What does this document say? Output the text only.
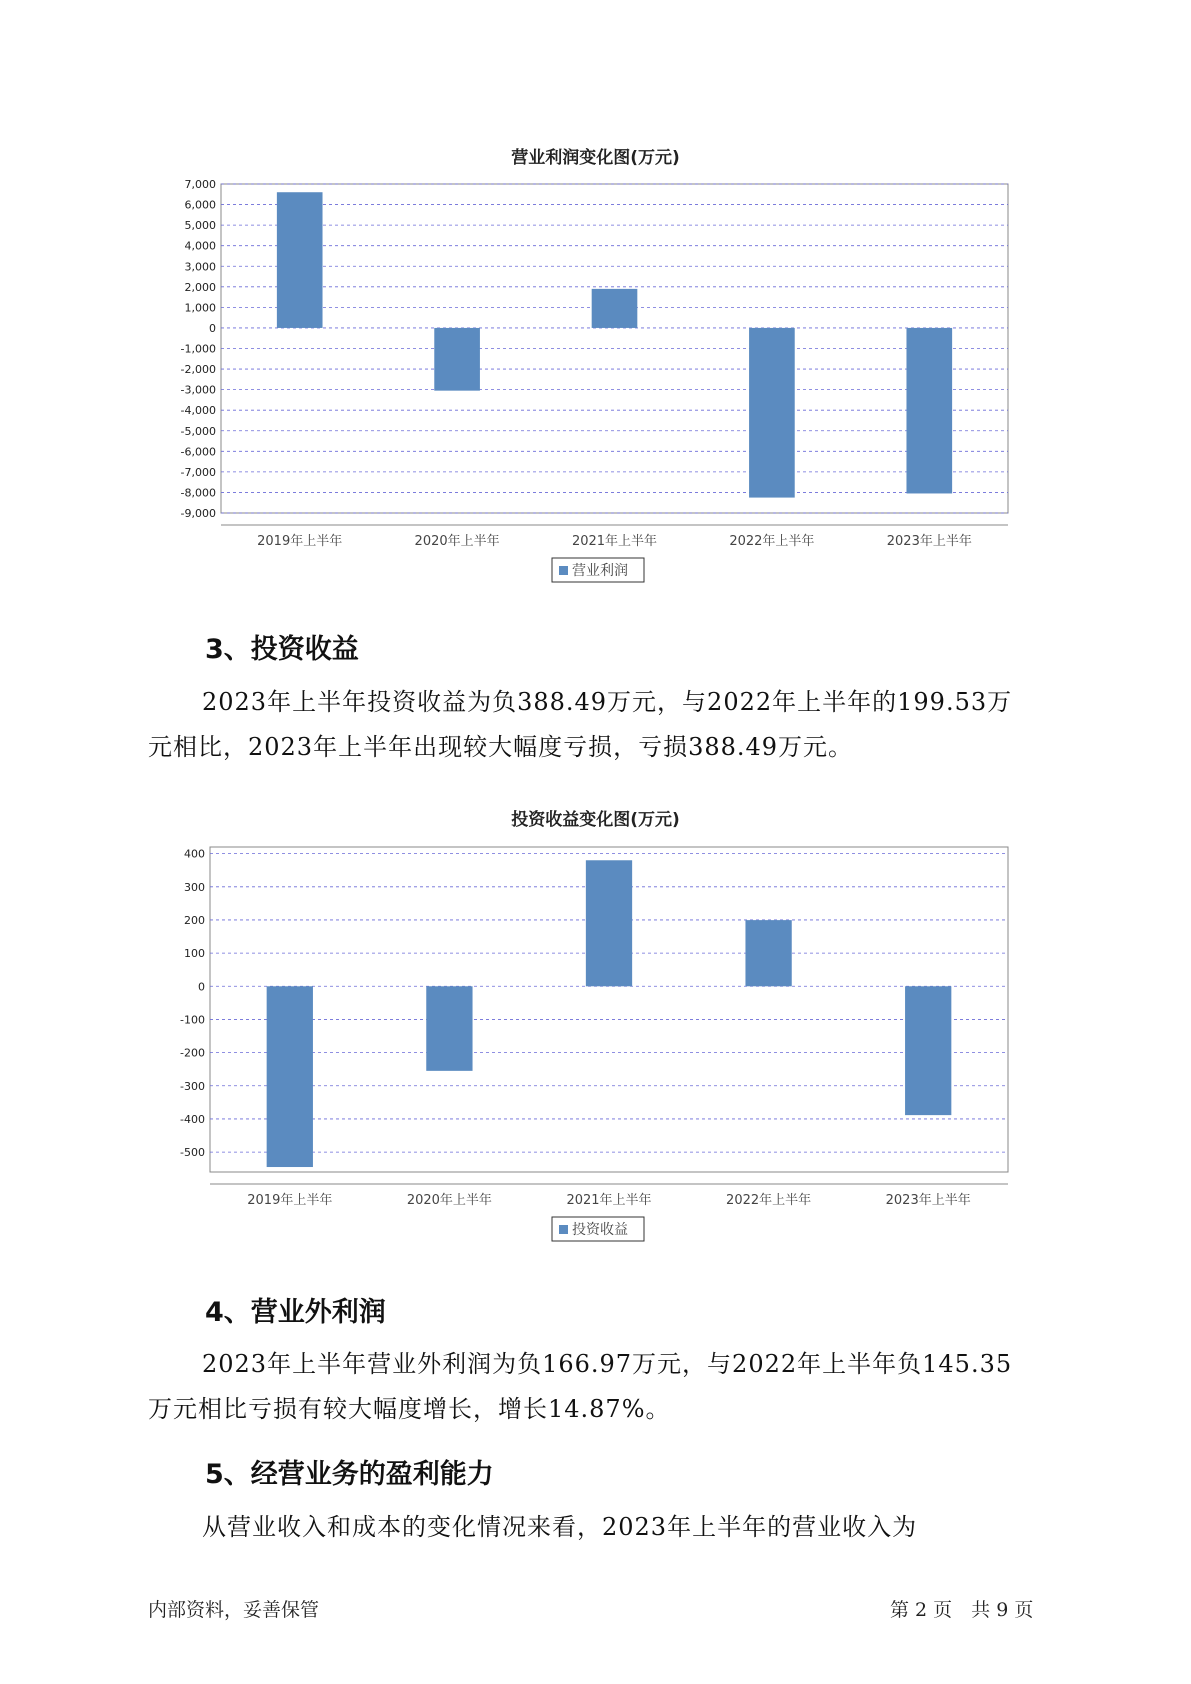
营业利润变化图(万元)
7,000
6,000
5,000
4,000
3,000
2,000
1,000
0
-1,000
-2,000
-3,000
-4,000
-5,000
-6,000
-7,000
-8,000
-9,000
2019年上半年	2020年上半年	2021年上半年	2022年上半年	2023年上半年
营业利润
3、投资收益

2023年上半年投资收益为负388.49万元，与2022年上半年的199.53万

元相比，2023年上半年出现较大幅度亏损，亏损388.49万元。

投资收益变化图(万元)
400
300
200
100
0
-100
-200
-300
-400
-500
2019年上半年	2020年上半年	2021年上半年	2022年上半年	2023年上半年
投资收益
4、营业外利润

2023年上半年营业外利润为负166.97万元，与2022年上半年负145.35

万元相比亏损有较大幅度增长，增长14.87%。

5、经营业务的盈利能力

从营业收入和成本的变化情况来看，2023年上半年的营业收入为

内部资料，妥善保管	第 2 页　共 9 页
